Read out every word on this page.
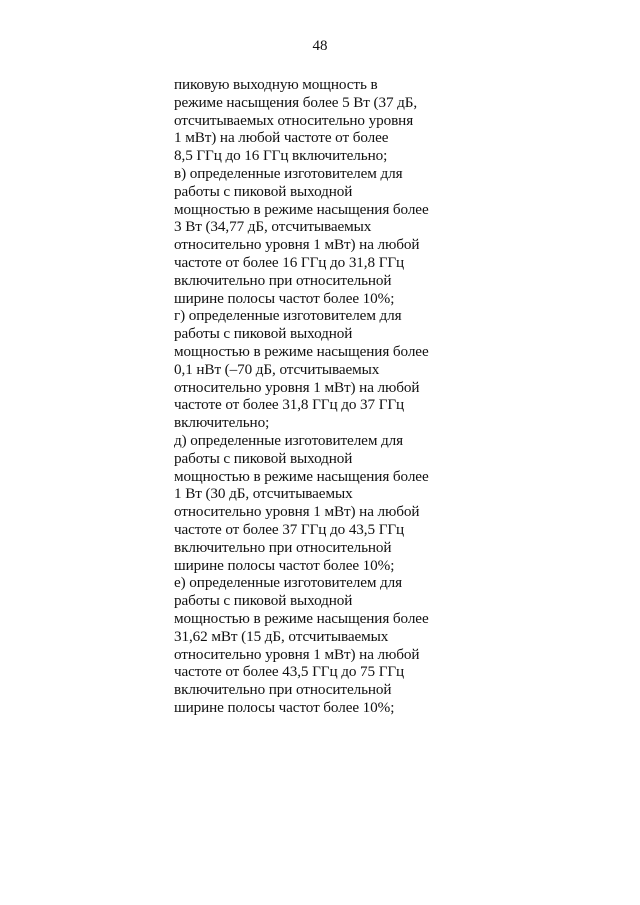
48
пиковую выходную мощность в
режиме насыщения более 5 Вт (37 дБ,
отсчитываемых относительно уровня
1 мВт) на любой частоте от более
8,5 ГГц до 16 ГГц включительно;
в) определенные изготовителем для
работы с пиковой выходной
мощностью в режиме насыщения более
3 Вт (34,77 дБ, отсчитываемых
относительно уровня 1 мВт) на любой
частоте от более 16 ГГц до 31,8 ГГц
включительно при относительной
ширине полосы частот более 10%;
г) определенные изготовителем для
работы с пиковой выходной
мощностью в режиме насыщения более
0,1 нВт (–70 дБ, отсчитываемых
относительно уровня 1 мВт) на любой
частоте от более 31,8 ГГц до 37 ГГц
включительно;
д) определенные изготовителем для
работы с пиковой выходной
мощностью в режиме насыщения более
1 Вт (30 дБ, отсчитываемых
относительно уровня 1 мВт) на любой
частоте от более 37 ГГц до 43,5 ГГц
включительно при относительной
ширине полосы частот более 10%;
е) определенные изготовителем для
работы с пиковой выходной
мощностью в режиме насыщения более
31,62 мВт (15 дБ, отсчитываемых
относительно уровня 1 мВт) на любой
частоте от более 43,5 ГГц до 75 ГГц
включительно при относительной
ширине полосы частот более 10%;
